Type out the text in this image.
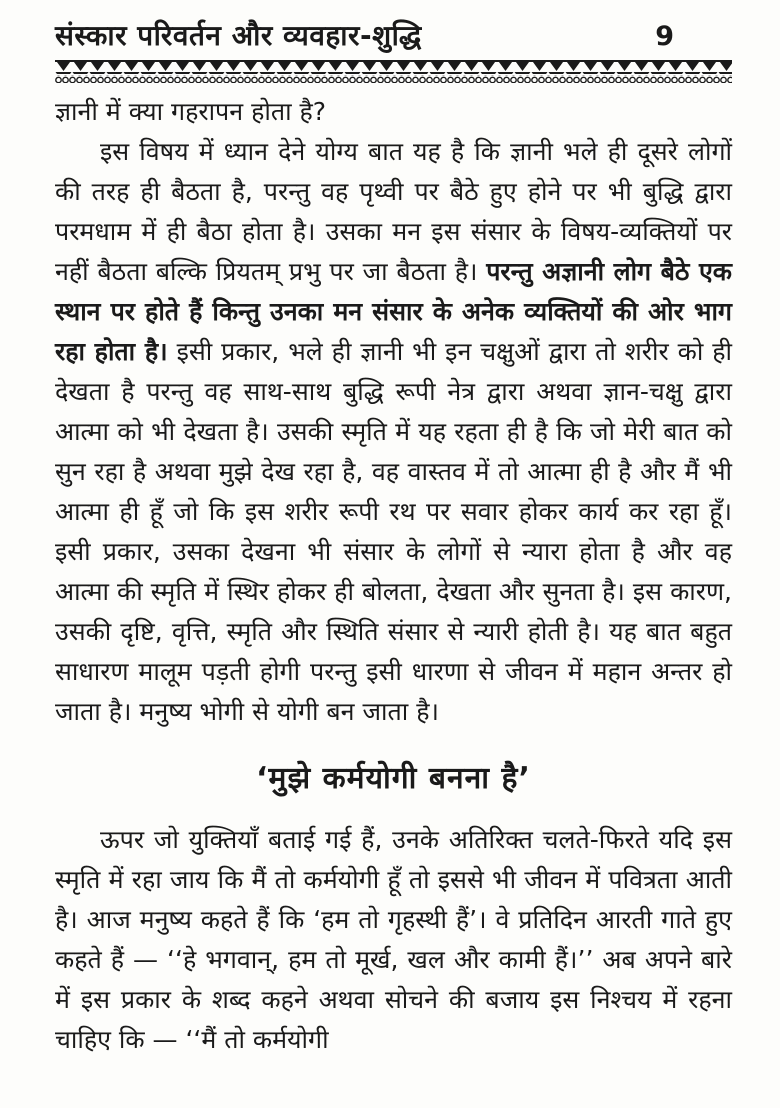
संस्कार परिवर्तन और व्यवहार-शुद्धि	9

ज्ञानी में क्या गहरापन होता है?

इस विषय में ध्यान देने योग्य बात यह है कि ज्ञानी भले ही दूसरे लोगों की तरह ही बैठता है, परन्तु वह पृथ्वी पर बैठे हुए होने पर भी बुद्धि द्वारा परमधाम में ही बैठा होता है। उसका मन इस संसार के विषय-व्यक्तियों पर नहीं बैठता बल्कि प्रियतम् प्रभु पर जा बैठता है। परन्तु अज्ञानी लोग बैठे एक स्थान पर होते हैं किन्तु उनका मन संसार के अनेक व्यक्तियों की ओर भाग रहा होता है। इसी प्रकार, भले ही ज्ञानी भी इन चक्षुओं द्वारा तो शरीर को ही देखता है परन्तु वह साथ-साथ बुद्धि रूपी नेत्र द्वारा अथवा ज्ञान-चक्षु द्वारा आत्मा को भी देखता है। उसकी स्मृति में यह रहता ही है कि जो मेरी बात को सुन रहा है अथवा मुझे देख रहा है, वह वास्तव में तो आत्मा ही है और मैं भी आत्मा ही हूँ जो कि इस शरीर रूपी रथ पर सवार होकर कार्य कर रहा हूँ। इसी प्रकार, उसका देखना भी संसार के लोगों से न्यारा होता है और वह आत्मा की स्मृति में स्थिर होकर ही बोलता, देखता और सुनता है। इस कारण, उसकी दृष्टि, वृत्ति, स्मृति और स्थिति संसार से न्यारी होती है। यह बात बहुत साधारण मालूम पड़ती होगी परन्तु इसी धारणा से जीवन में महान अन्तर हो जाता है। मनुष्य भोगी से योगी बन जाता है।

‘मुझे कर्मयोगी बनना है’

ऊपर जो युक्तियाँ बताई गई हैं, उनके अतिरिक्त चलते-फिरते यदि इस स्मृति में रहा जाय कि मैं तो कर्मयोगी हूँ तो इससे भी जीवन में पवित्रता आती है। आज मनुष्य कहते हैं कि ‘हम तो गृहस्थी हैं’। वे प्रतिदिन आरती गाते हुए कहते हैं — ‘‘हे भगवान्, हम तो मूर्ख, खल और कामी हैं।’’ अब अपने बारे में इस प्रकार के शब्द कहने अथवा सोचने की बजाय इस निश्चय में रहना चाहिए कि — ‘‘मैं तो कर्मयोगी
